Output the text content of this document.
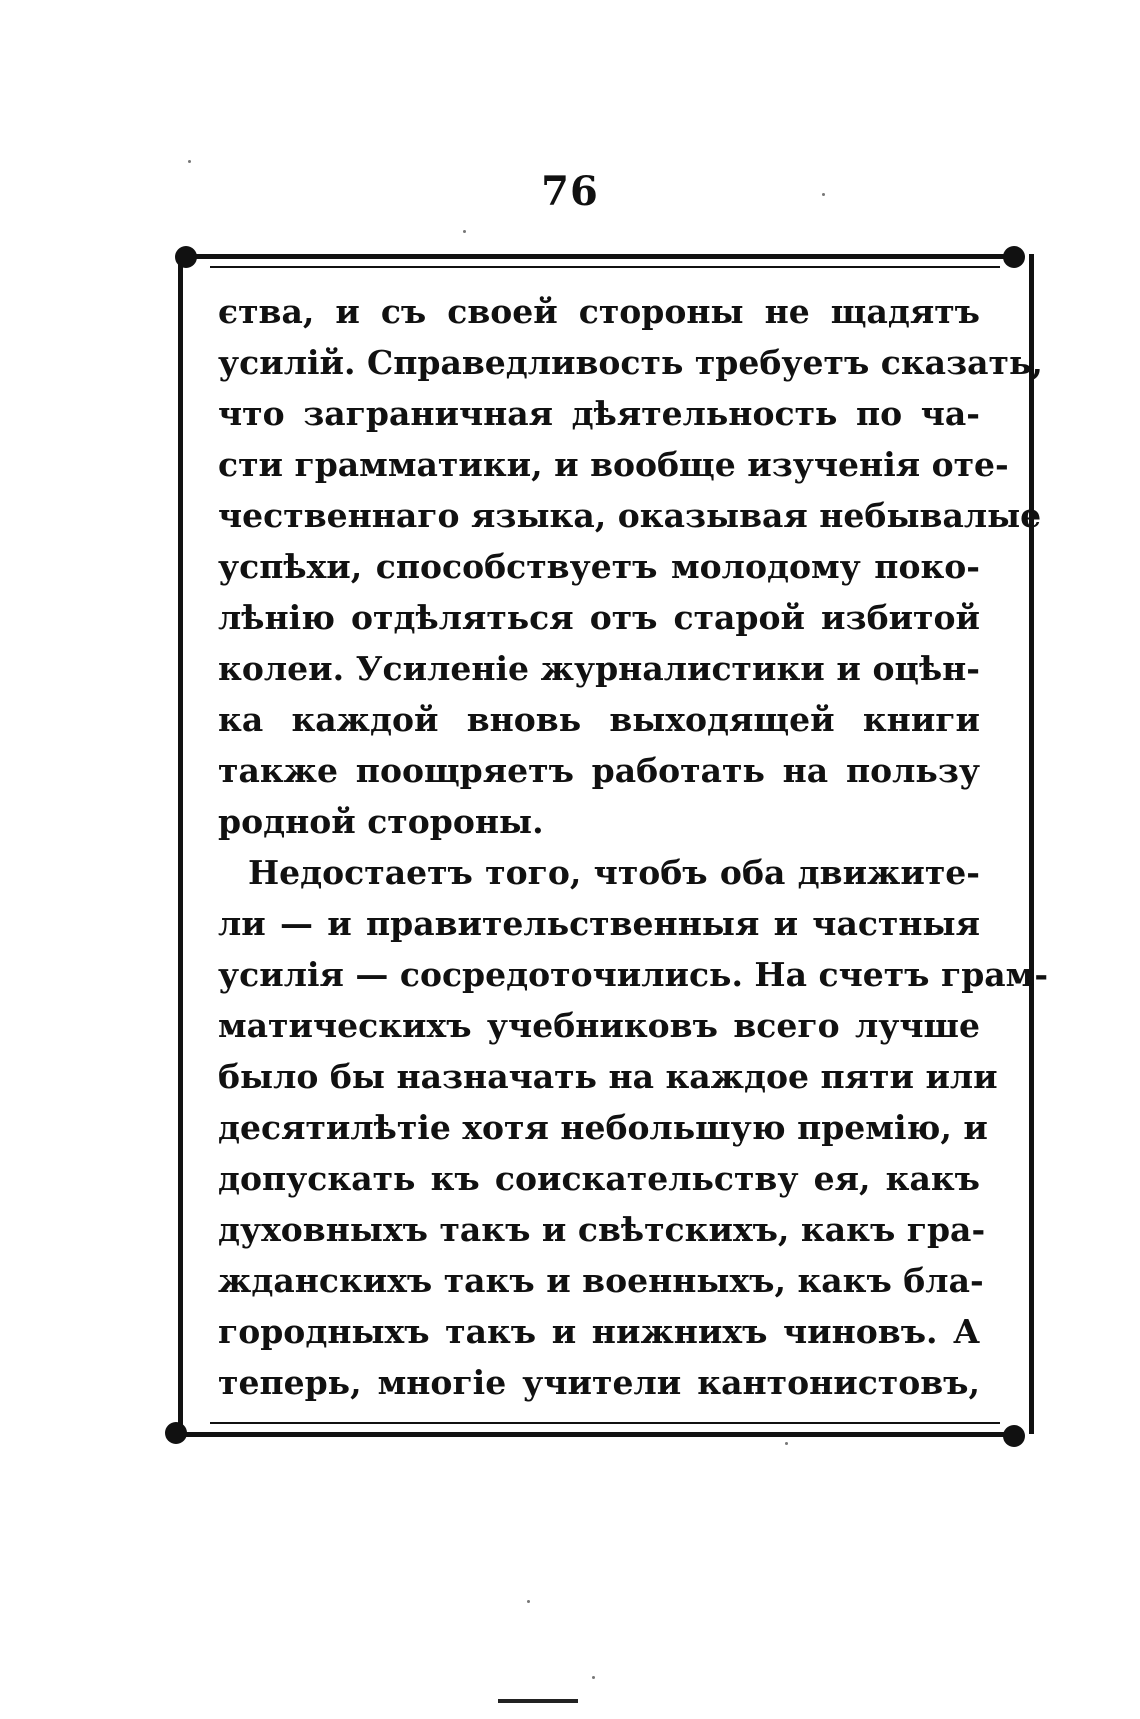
76
єтва, и съ своей стороны не щадятъ
усилій. Справедливость требуетъ сказать,
что заграничная дѣятельность по ча-
сти грамматики, и вообще изученія оте-
чественнаго языка, оказывая небывалые
успѣхи, способствуетъ молодому поко-
лѣнію отдѣляться отъ старой избитой
колеи. Усиленіе журналистики и оцѣн-
ка каждой вновь выходящей книги
также поощряетъ работать на пользу
родной стороны.
Недостаетъ того, чтобъ оба движите-
ли — и правительственныя и частныя
усилія — сосредоточились. На счетъ грам-
матическихъ учебниковъ всего лучше
было бы назначать на каждое пяти или
десятилѣтіе хотя небольшую премію, и
допускать къ соискательству ея, какъ
духовныхъ такъ и свѣтскихъ, какъ гра-
жданскихъ такъ и военныхъ, какъ бла-
городныхъ такъ и нижнихъ чиновъ. А
теперь, многіе учители кантонистовъ,
